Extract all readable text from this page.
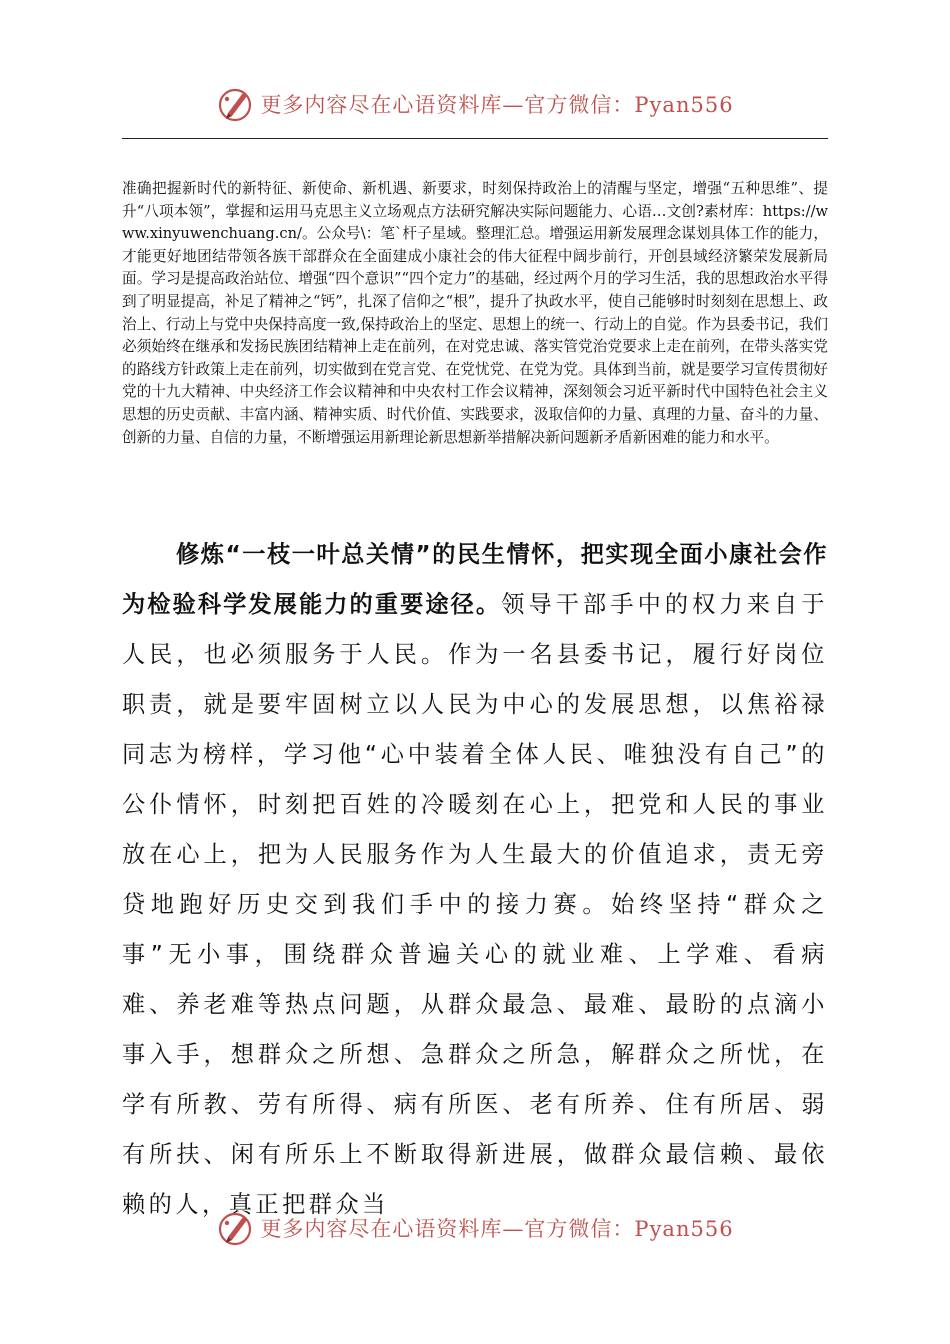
更多内容尽在心语资料库—官方微信：Pyan556

准确把握新时代的新特征、新使命、新机遇、新要求，时刻保持政治上的清醒与坚定，增强“五种思维”、提升“八项本领”，掌握和运用马克思主义立场观点方法研究解决实际问题能力、心语…文创?素材库：https://www.xinyuwenchuang.cn/。公众号\：笔`杆子星域。整理汇总。增强运用新发展理念谋划具体工作的能力，才能更好地团结带领各族干部群众在全面建成小康社会的伟大征程中阔步前行，开创县域经济繁荣发展新局面。学习是提高政治站位、增强“四个意识”“四个定力”的基础，经过两个月的学习生活，我的思想政治水平得到了明显提高，补足了精神之“钙”，扎深了信仰之“根”，提升了执政水平，使自己能够时时刻刻在思想上、政治上、行动上与党中央保持高度一致,保持政治上的坚定、思想上的统一、行动上的自觉。作为县委书记，我们必须始终在继承和发扬民族团结精神上走在前列，在对党忠诚、落实管党治党要求上走在前列，在带头落实党的路线方针政策上走在前列，切实做到在党言党、在党忧党、在党为党。具体到当前，就是要学习宣传贯彻好党的十九大精神、中央经济工作会议精神和中央农村工作会议精神，深刻领会习近平新时代中国特色社会主义思想的历史贡献、丰富内涵、精神实质、时代价值、实践要求，汲取信仰的力量、真理的力量、奋斗的力量、创新的力量、自信的力量，不断增强运用新理论新思想新举措解决新问题新矛盾新困难的能力和水平。

修炼“一枝一叶总关情”的民生情怀，把实现全面小康社会作为检验科学发展能力的重要途径。领导干部手中的权力来自于人民，也必须服务于人民。作为一名县委书记，履行好岗位职责，就是要牢固树立以人民为中心的发展思想，以焦裕禄同志为榜样，学习他“心中装着全体人民、唯独没有自己”的公仆情怀，时刻把百姓的冷暖刻在心上，把党和人民的事业放在心上，把为人民服务作为人生最大的价值追求，责无旁贷地跑好历史交到我们手中的接力赛。始终坚持“群众之事”无小事，围绕群众普遍关心的就业难、上学难、看病难、养老难等热点问题，从群众最急、最难、最盼的点滴小事入手，想群众之所想、急群众之所急，解群众之所忧，在学有所教、劳有所得、病有所医、老有所养、住有所居、弱有所扶、闲有所乐上不断取得新进展，做群众最信赖、最依赖的人，真正把群众当

更多内容尽在心语资料库—官方微信：Pyan556
